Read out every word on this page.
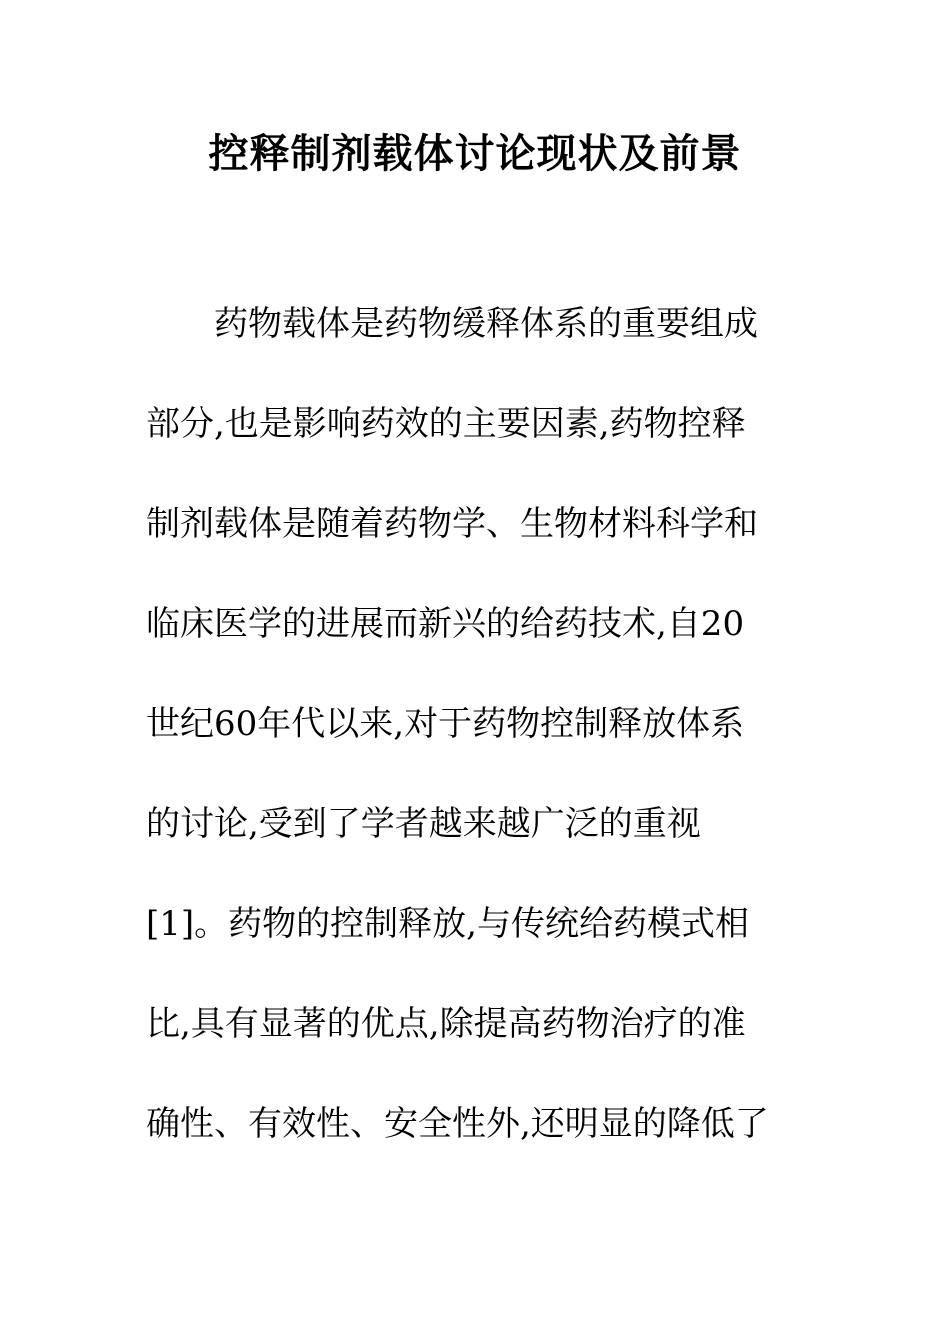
控释制剂载体讨论现状及前景
　　药物载体是药物缓释体系的重要组成
部分,也是影响药效的主要因素,药物控释
制剂载体是随着药物学、生物材料科学和
临床医学的进展而新兴的给药技术,自20
世纪60年代以来,对于药物控制释放体系
的讨论,受到了学者越来越广泛的重视
[1]。药物的控制释放,与传统给药模式相
比,具有显著的优点,除提高药物治疗的准
确性、有效性、安全性外,还明显的降低了
